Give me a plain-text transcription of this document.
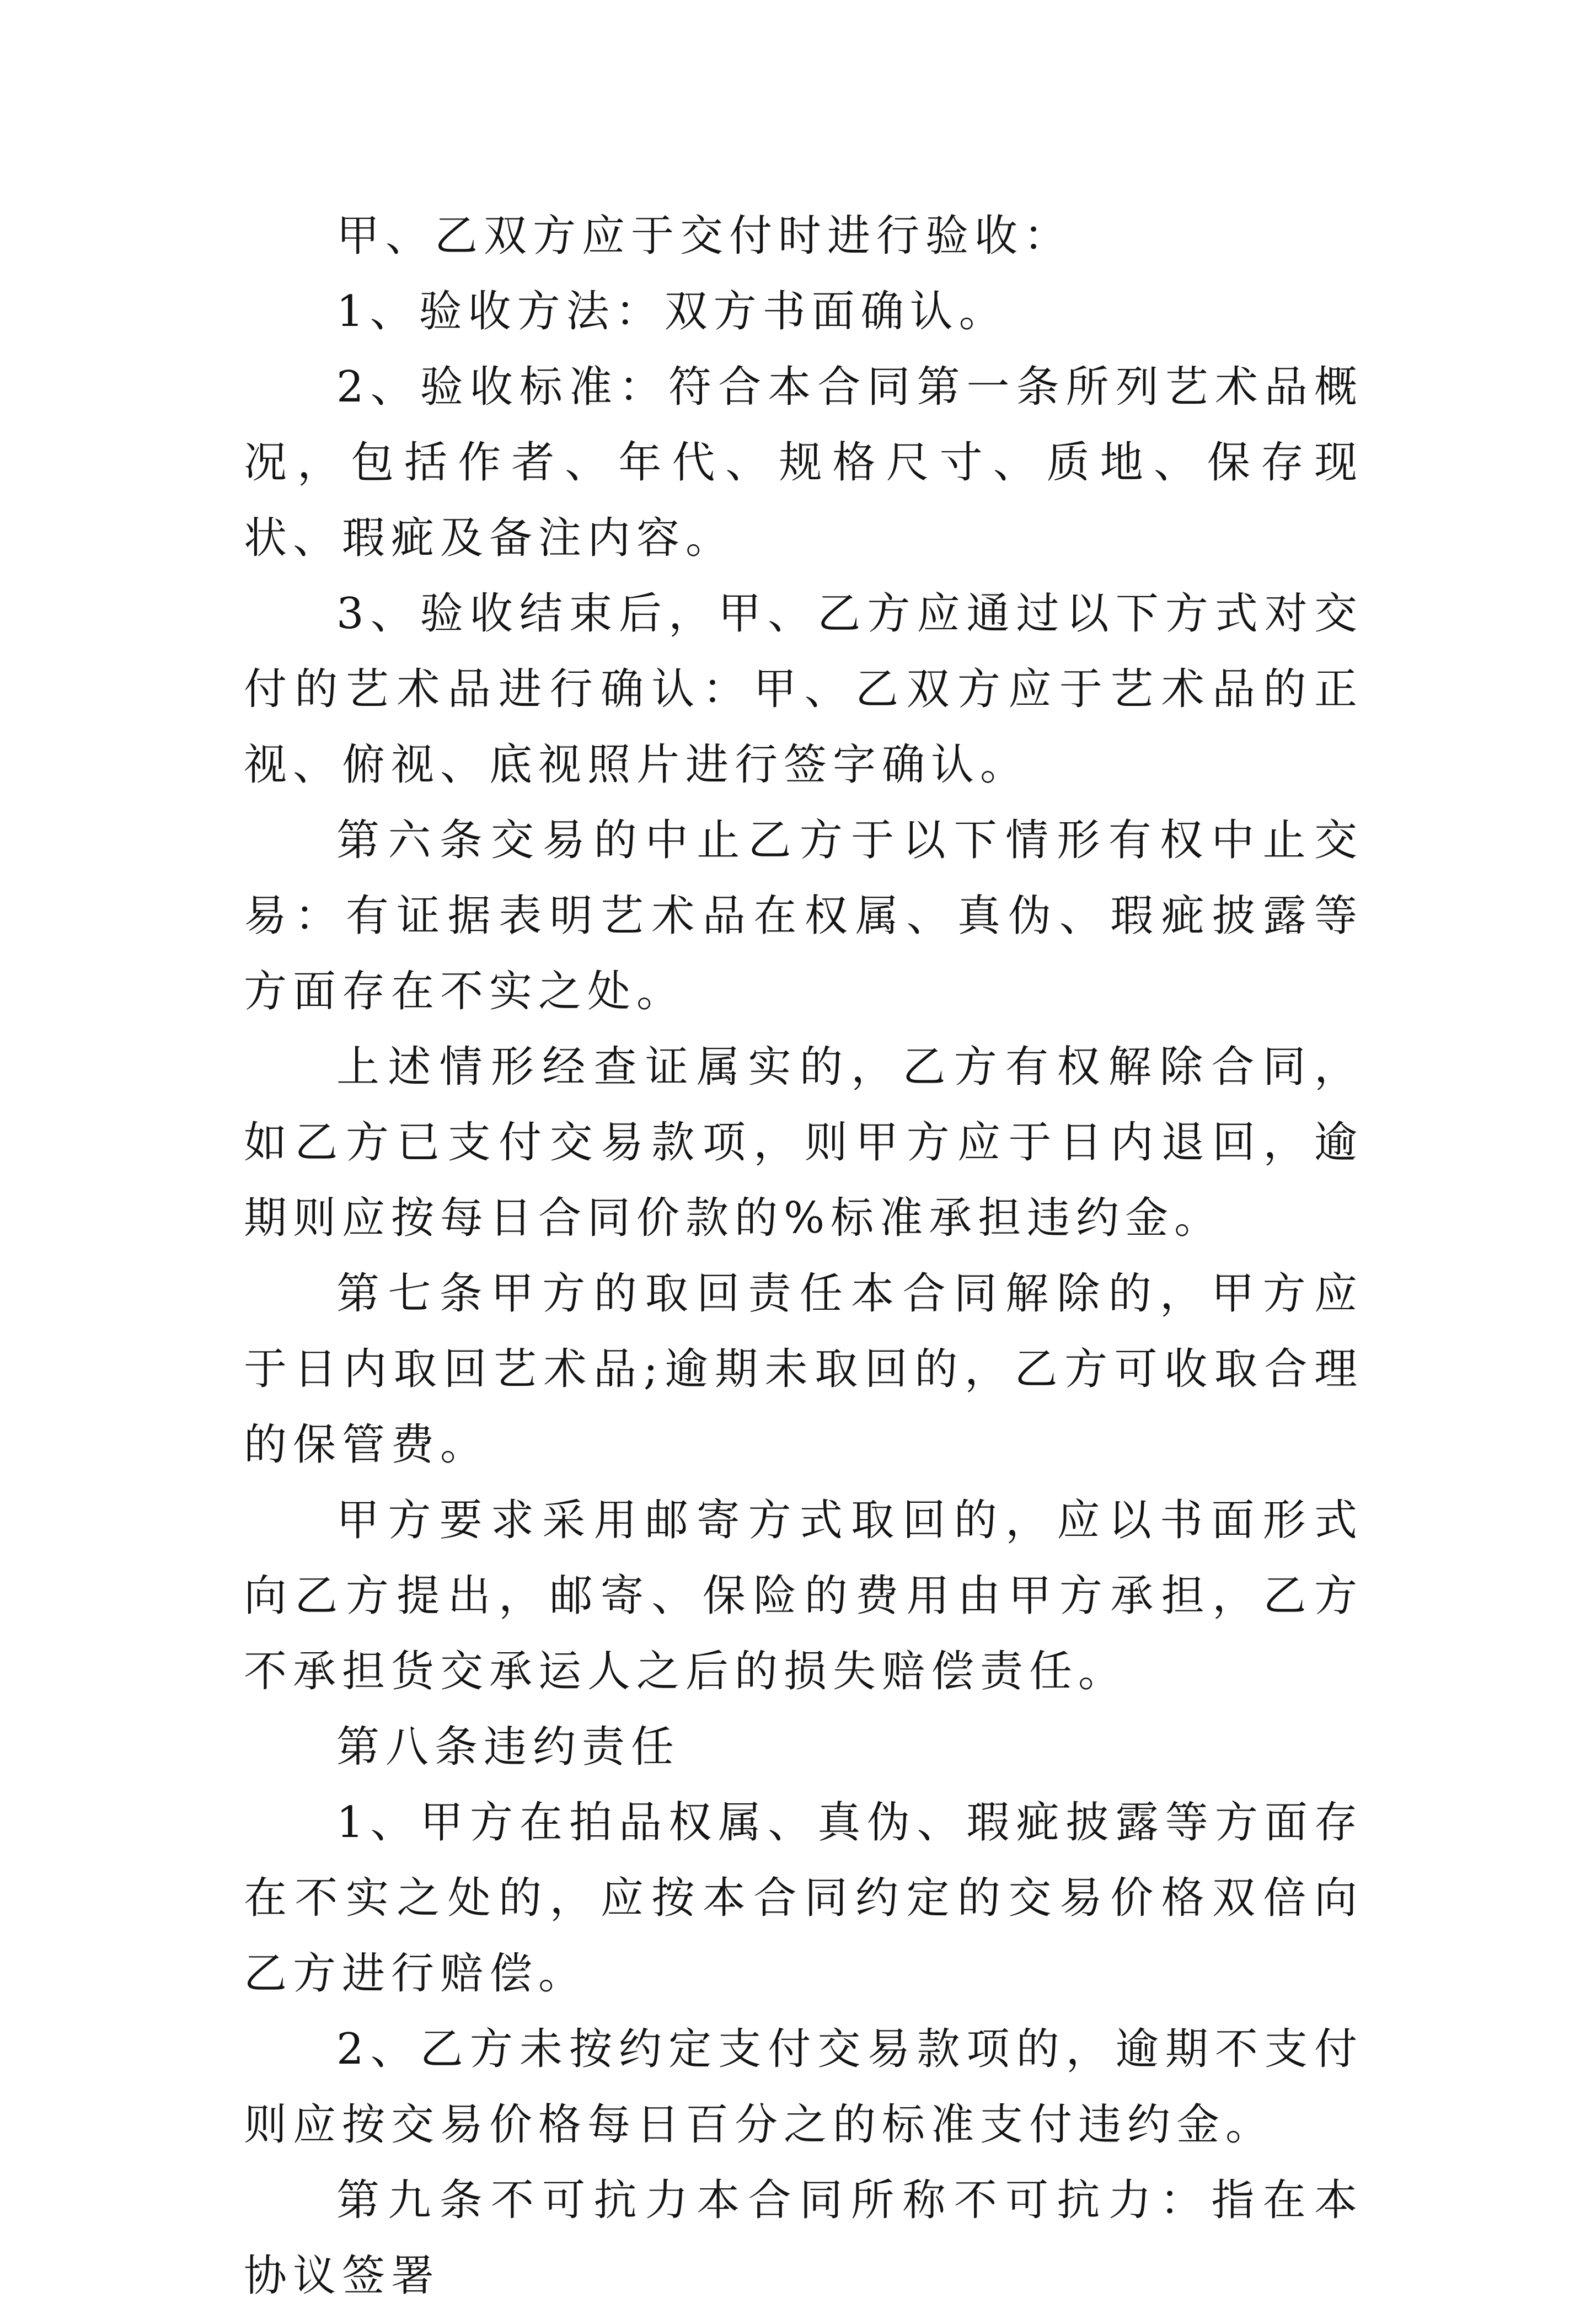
甲、乙双方应于交付时进行验收：

1、验收方法：双方书面确认。

2、验收标准：符合本合同第一条所列艺术品概况，包括作者、年代、规格尺寸、质地、保存现状、瑕疵及备注内容。

3、验收结束后，甲、乙方应通过以下方式对交付的艺术品进行确认：甲、乙双方应于艺术品的正视、俯视、底视照片进行签字确认。

第六条交易的中止乙方于以下情形有权中止交易：有证据表明艺术品在权属、真伪、瑕疵披露等方面存在不实之处。

上述情形经查证属实的，乙方有权解除合同，如乙方已支付交易款项，则甲方应于日内退回，逾期则应按每日合同价款的%标准承担违约金。

第七条甲方的取回责任本合同解除的，甲方应于日内取回艺术品;逾期未取回的，乙方可收取合理的保管费。

甲方要求采用邮寄方式取回的，应以书面形式向乙方提出，邮寄、保险的费用由甲方承担，乙方不承担货交承运人之后的损失赔偿责任。

第八条违约责任

1、甲方在拍品权属、真伪、瑕疵披露等方面存在不实之处的，应按本合同约定的交易价格双倍向乙方进行赔偿。

2、乙方未按约定支付交易款项的，逾期不支付则应按交易价格每日百分之的标准支付违约金。

第九条不可抗力本合同所称不可抗力：指在本协议签署
